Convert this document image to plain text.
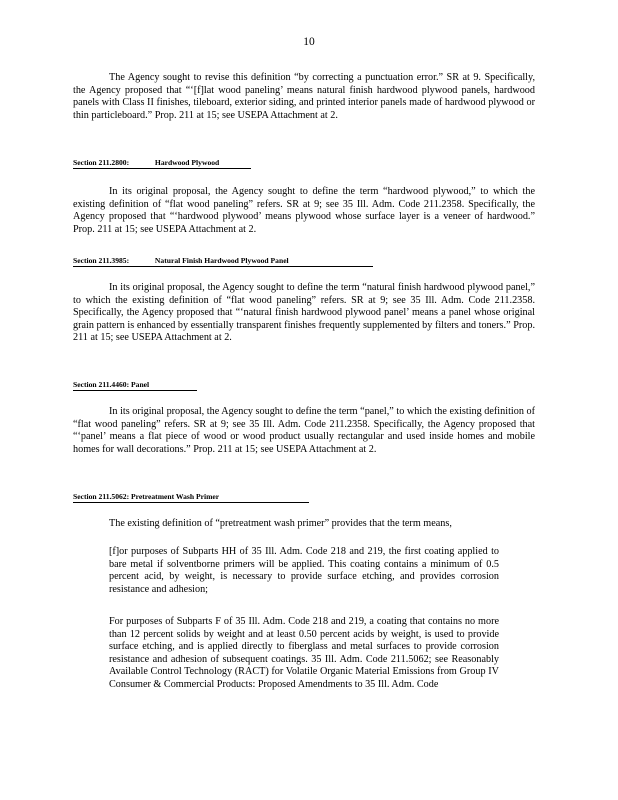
10
The Agency sought to revise this definition “by correcting a punctuation error.” SR at 9. Specifically, the Agency proposed that “‘[f]lat wood paneling’ means natural finish hardwood plywood panels, hardwood panels with Class II finishes, tileboard, exterior siding, and printed interior panels made of hardwood plywood or thin particleboard.” Prop. 211 at 15; see USEPA Attachment at 2.
Section 211.2800:	Hardwood Plywood
In its original proposal, the Agency sought to define the term “hardwood plywood,” to which the existing definition of “flat wood paneling” refers. SR at 9; see 35 Ill. Adm. Code 211.2358. Specifically, the Agency proposed that “‘hardwood plywood’ means plywood whose surface layer is a veneer of hardwood.” Prop. 211 at 15; see USEPA Attachment at 2.
Section 211.3985:	Natural Finish Hardwood Plywood Panel
In its original proposal, the Agency sought to define the term “natural finish hardwood plywood panel,” to which the existing definition of “flat wood paneling” refers. SR at 9; see 35 Ill. Adm. Code 211.2358. Specifically, the Agency proposed that “‘natural finish hardwood plywood panel’ means a panel whose original grain pattern is enhanced by essentially transparent finishes frequently supplemented by filters and toners.” Prop. 211 at 15; see USEPA Attachment at 2.
Section 211.4460: Panel
In its original proposal, the Agency sought to define the term “panel,” to which the existing definition of “flat wood paneling” refers. SR at 9; see 35 Ill. Adm. Code 211.2358. Specifically, the Agency proposed that “‘panel’ means a flat piece of wood or wood product usually rectangular and used inside homes and mobile homes for wall decorations.” Prop. 211 at 15; see USEPA Attachment at 2.
Section 211.5062: Pretreatment Wash Primer
The existing definition of “pretreatment wash primer” provides that the term means,
[f]or purposes of Subparts HH of 35 Ill. Adm. Code 218 and 219, the first coating applied to bare metal if solventborne primers will be applied. This coating contains a minimum of 0.5 percent acid, by weight, is necessary to provide surface etching, and provides corrosion resistance and adhesion;
For purposes of Subparts F of 35 Ill. Adm. Code 218 and 219, a coating that contains no more than 12 percent solids by weight and at least 0.50 percent acids by weight, is used to provide surface etching, and is applied directly to fiberglass and metal surfaces to provide corrosion resistance and adhesion of subsequent coatings. 35 Ill. Adm. Code 211.5062; see Reasonably Available Control Technology (RACT) for Volatile Organic Material Emissions from Group IV Consumer & Commercial Products: Proposed Amendments to 35 Ill. Adm. Code
